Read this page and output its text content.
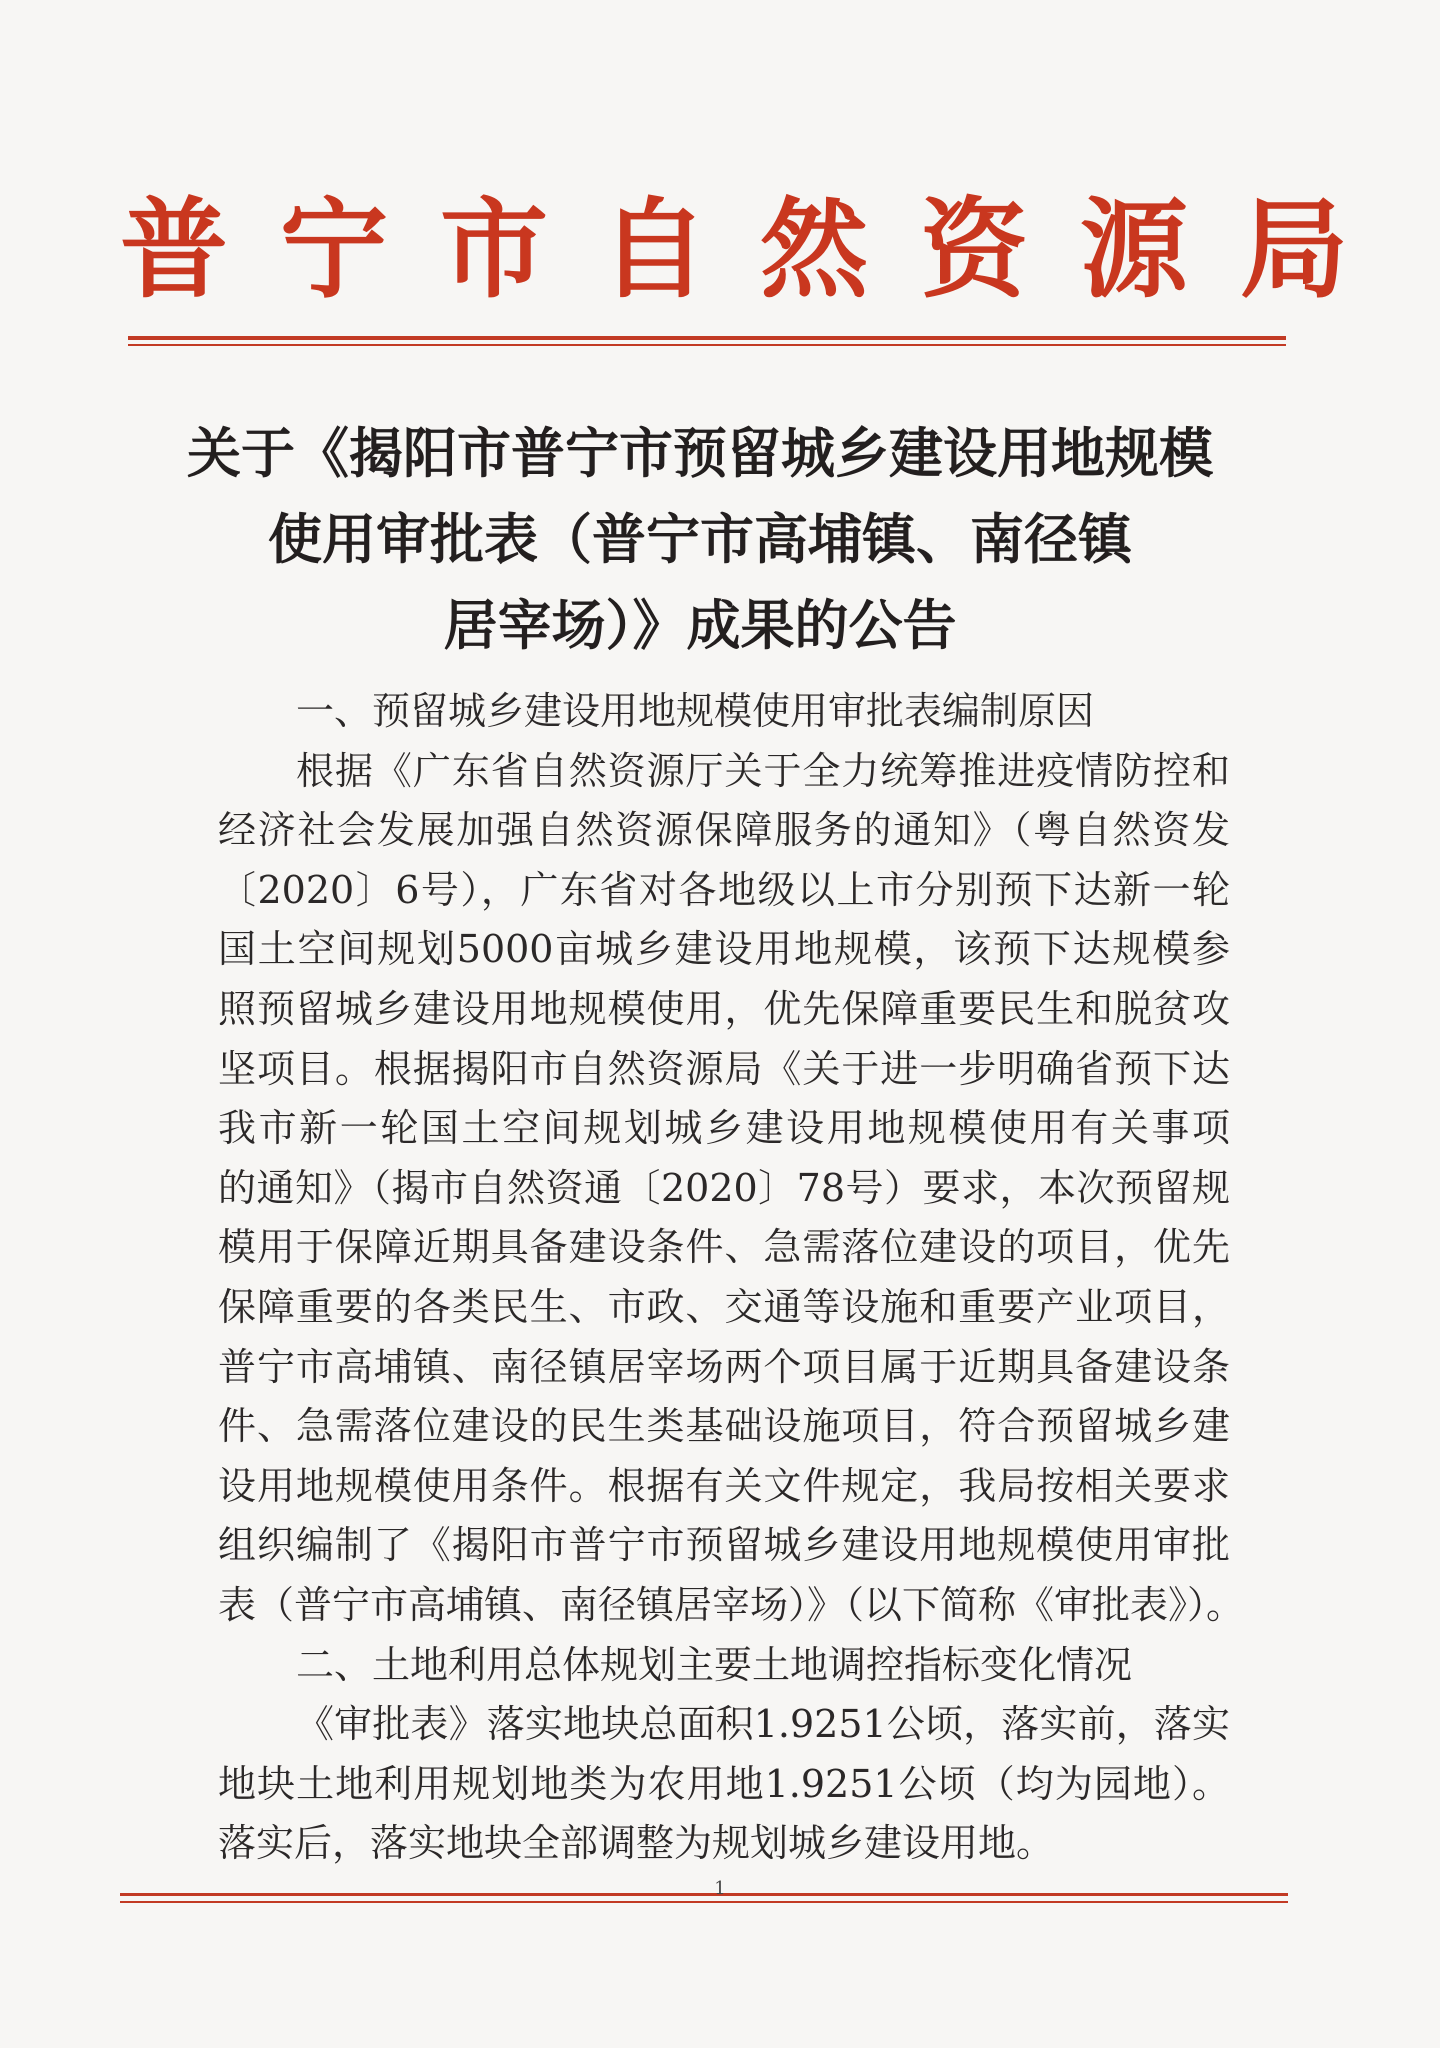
普宁市自然资源局
关于《揭阳市普宁市预留城乡建设用地规模
使用审批表（普宁市高埔镇、南径镇
居宰场）》成果的公告
一、预留城乡建设用地规模使用审批表编制原因
根据《广东省自然资源厅关于全力统筹推进疫情防控和
经济社会发展加强自然资源保障服务的通知》（粤自然资发
〔2020〕6号），广东省对各地级以上市分别预下达新一轮
国土空间规划5000亩城乡建设用地规模，该预下达规模参
照预留城乡建设用地规模使用，优先保障重要民生和脱贫攻
坚项目。根据揭阳市自然资源局《关于进一步明确省预下达
我市新一轮国土空间规划城乡建设用地规模使用有关事项
的通知》（揭市自然资通〔2020〕78号）要求，本次预留规
模用于保障近期具备建设条件、急需落位建设的项目，优先
保障重要的各类民生、市政、交通等设施和重要产业项目，
普宁市高埔镇、南径镇居宰场两个项目属于近期具备建设条
件、急需落位建设的民生类基础设施项目，符合预留城乡建
设用地规模使用条件。根据有关文件规定，我局按相关要求
组织编制了《揭阳市普宁市预留城乡建设用地规模使用审批
表（普宁市高埔镇、南径镇居宰场）》（以下简称《审批表》）。
二、土地利用总体规划主要土地调控指标变化情况
《审批表》落实地块总面积1.9251公顷，落实前，落实
地块土地利用规划地类为农用地1.9251公顷（均为园地）。
落实后，落实地块全部调整为规划城乡建设用地。
1
